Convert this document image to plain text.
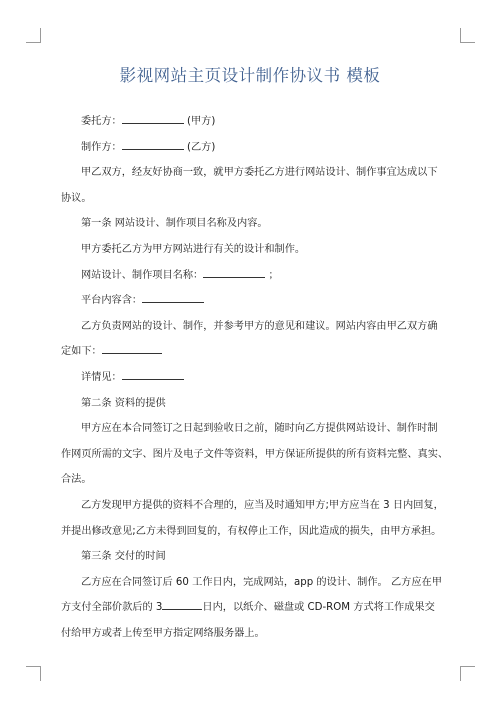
影视网站主页设计制作协议书 模板

委托方：	(甲方)

制作方：	(乙方)

甲乙双方，经友好协商一致，就甲方委托乙方进行网站设计、制作事宜达成以下
协议。

第一条 网站设计、制作项目名称及内容。

甲方委托乙方为甲方网站进行有关的设计和制作。

网站设计、制作项目名称：	；

平台内容含：

乙方负责网站的设计、制作，并参考甲方的意见和建议。网站内容由甲乙双方确
定如下：

详情见：

第二条 资料的提供

甲方应在本合同签订之日起到验收日之前，随时向乙方提供网站设计、制作时制
作网页所需的文字、图片及电子文件等资料，甲方保证所提供的所有资料完整、真实、
合法。

乙方发现甲方提供的资料不合理的，应当及时通知甲方;甲方应当在 3 日内回复，
并提出修改意见;乙方未得到回复的，有权停止工作，因此造成的损失，由甲方承担。

第三条 交付的时间

乙方应在合同签订后 60 工作日内，完成网站，app 的设计、制作。 乙方应在甲
方支付全部价款后的 3	日内，以纸介、磁盘或 CD-ROM 方式将工作成果交
付给甲方或者上传至甲方指定网络服务器上。
